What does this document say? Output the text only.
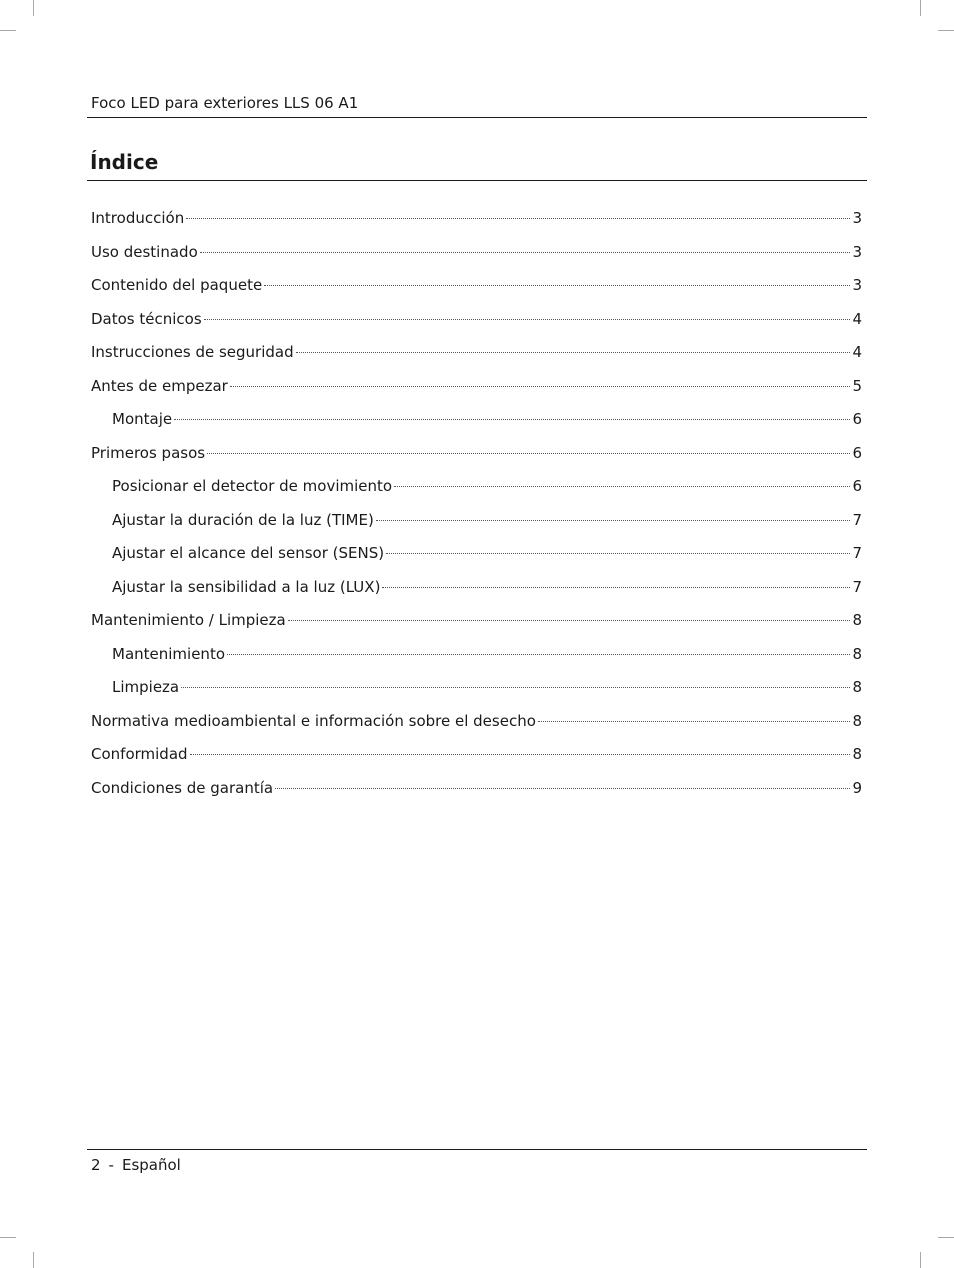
Foco LED para exteriores LLS 06 A1
Índice
Introducción	3
Uso destinado	3
Contenido del paquete	3
Datos técnicos	4
Instrucciones de seguridad	4
Antes de empezar	5
Montaje	6
Primeros pasos	6
Posicionar el detector de movimiento	6
Ajustar la duración de la luz (TIME)	7
Ajustar el alcance del sensor (SENS)	7
Ajustar la sensibilidad a la luz (LUX)	7
Mantenimiento / Limpieza	8
Mantenimiento	8
Limpieza	8
Normativa medioambiental e información sobre el desecho	8
Conformidad	8
Condiciones de garantía	9
2 - Español
